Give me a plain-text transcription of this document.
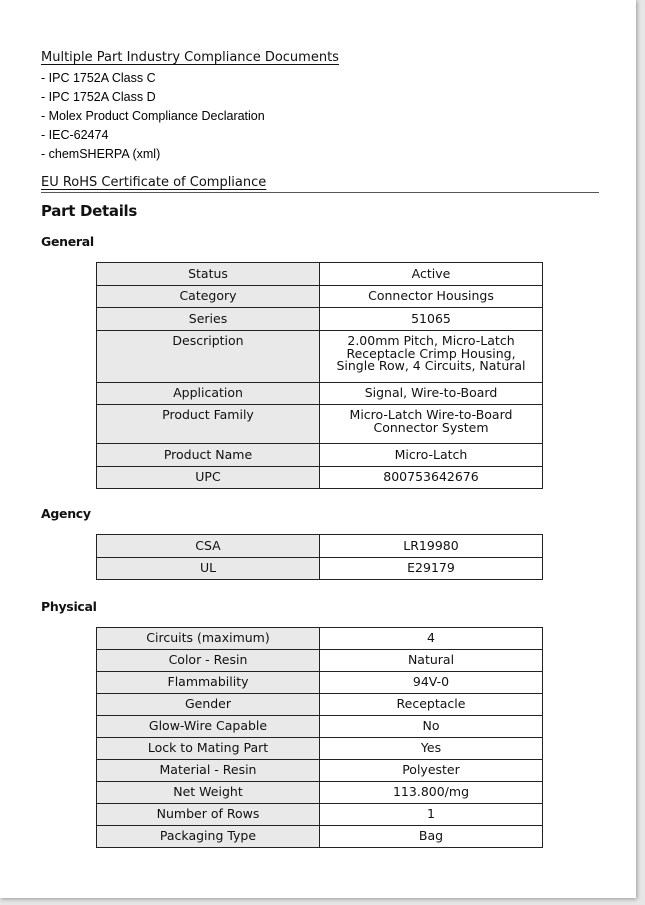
Multiple Part Industry Compliance Documents
- IPC 1752A Class C
- IPC 1752A Class D
- Molex Product Compliance Declaration
- IEC-62474
- chemSHERPA (xml)
EU RoHS Certificate of Compliance
Part Details
General
Status	Active
Category	Connector Housings
Series	51065
Description	2.00mm Pitch, Micro-Latch Receptacle Crimp Housing, Single Row, 4 Circuits, Natural
Application	Signal, Wire-to-Board
Product Family	Micro-Latch Wire-to-Board Connector System
Product Name	Micro-Latch
UPC	800753642676
Agency
CSA	LR19980
UL	E29179
Physical
Circuits (maximum)	4
Color - Resin	Natural
Flammability	94V-0
Gender	Receptacle
Glow-Wire Capable	No
Lock to Mating Part	Yes
Material - Resin	Polyester
Net Weight	113.800/mg
Number of Rows	1
Packaging Type	Bag
